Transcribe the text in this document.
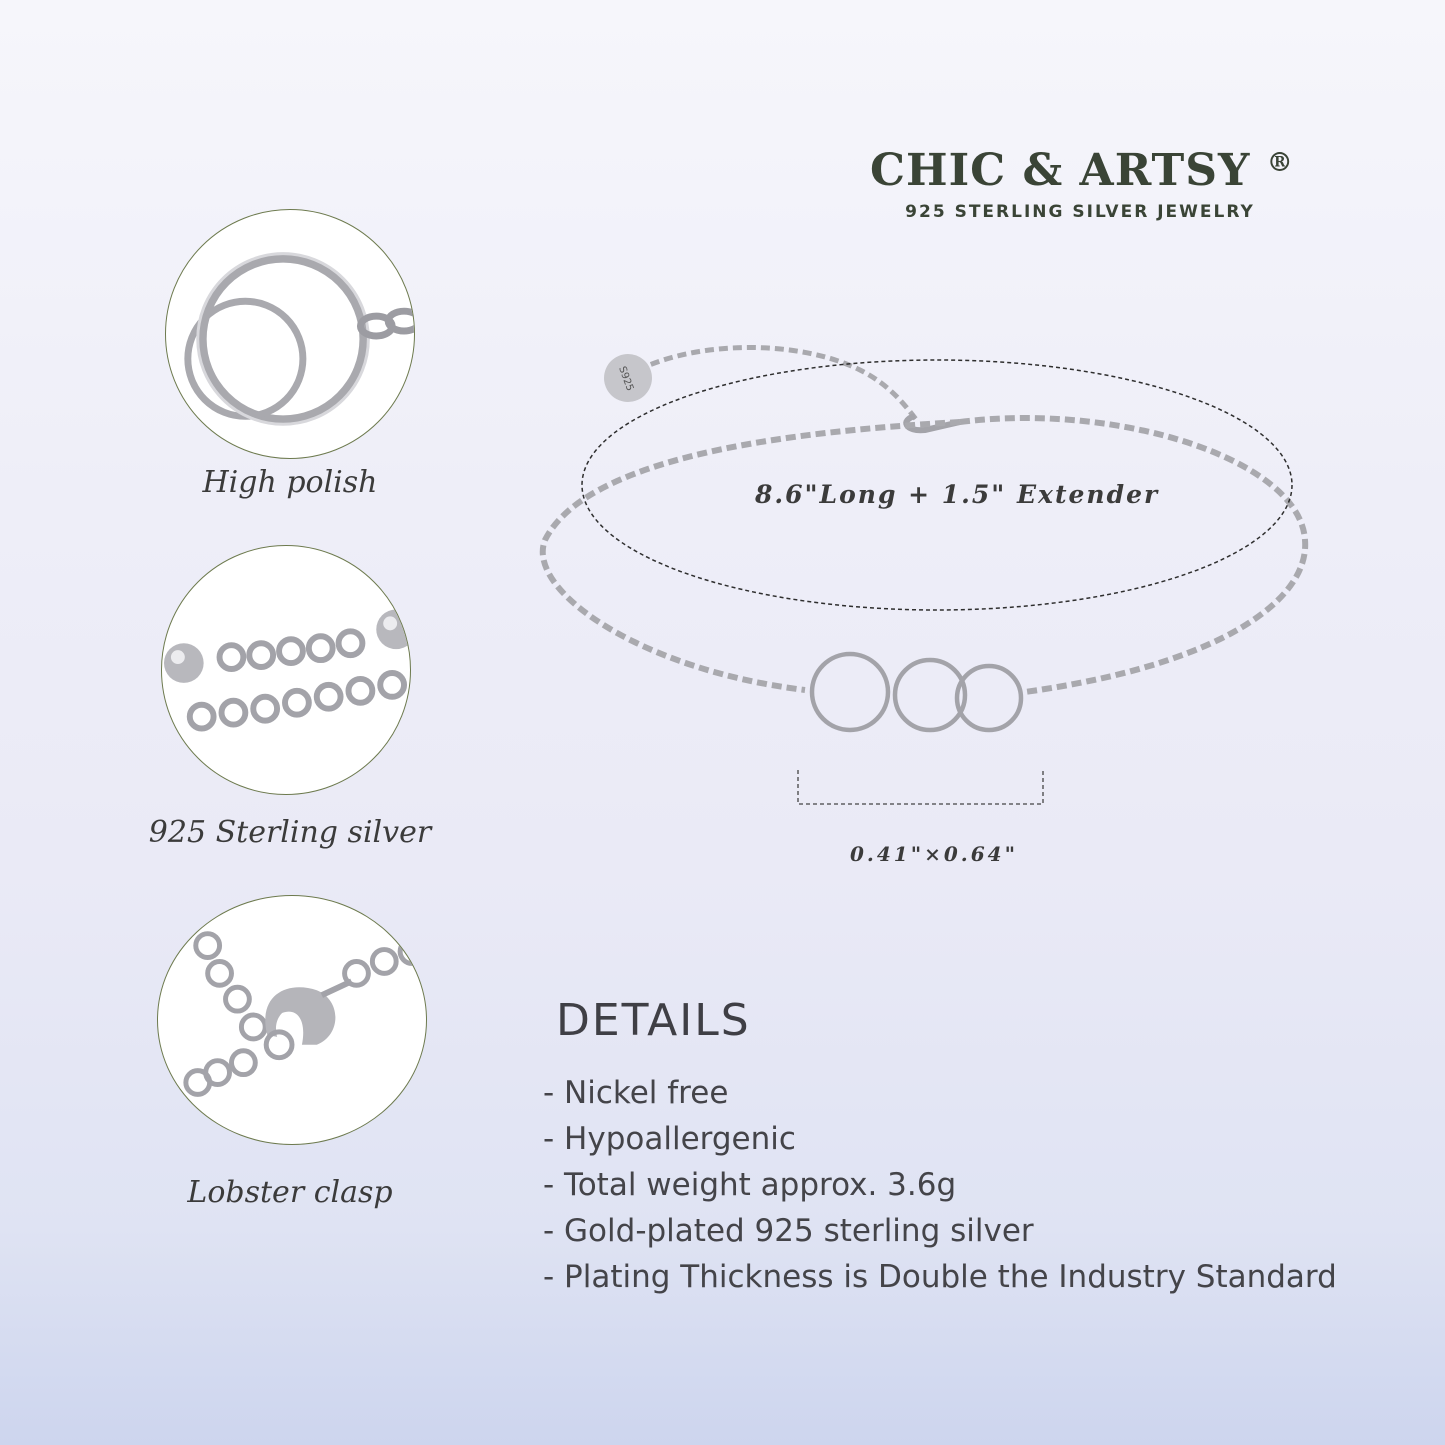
CHIC & ARTSY ®
925 STERLING SILVER JEWELRY
High polish
925 Sterling silver
Lobster clasp
S925
8.6"Long + 1.5" Extender
0.41"×0.64"
DETAILS
- Nickel free
- Hypoallergenic
- Total weight approx. 3.6g
- Gold-plated 925 sterling silver
- Plating Thickness is Double the Industry Standard
